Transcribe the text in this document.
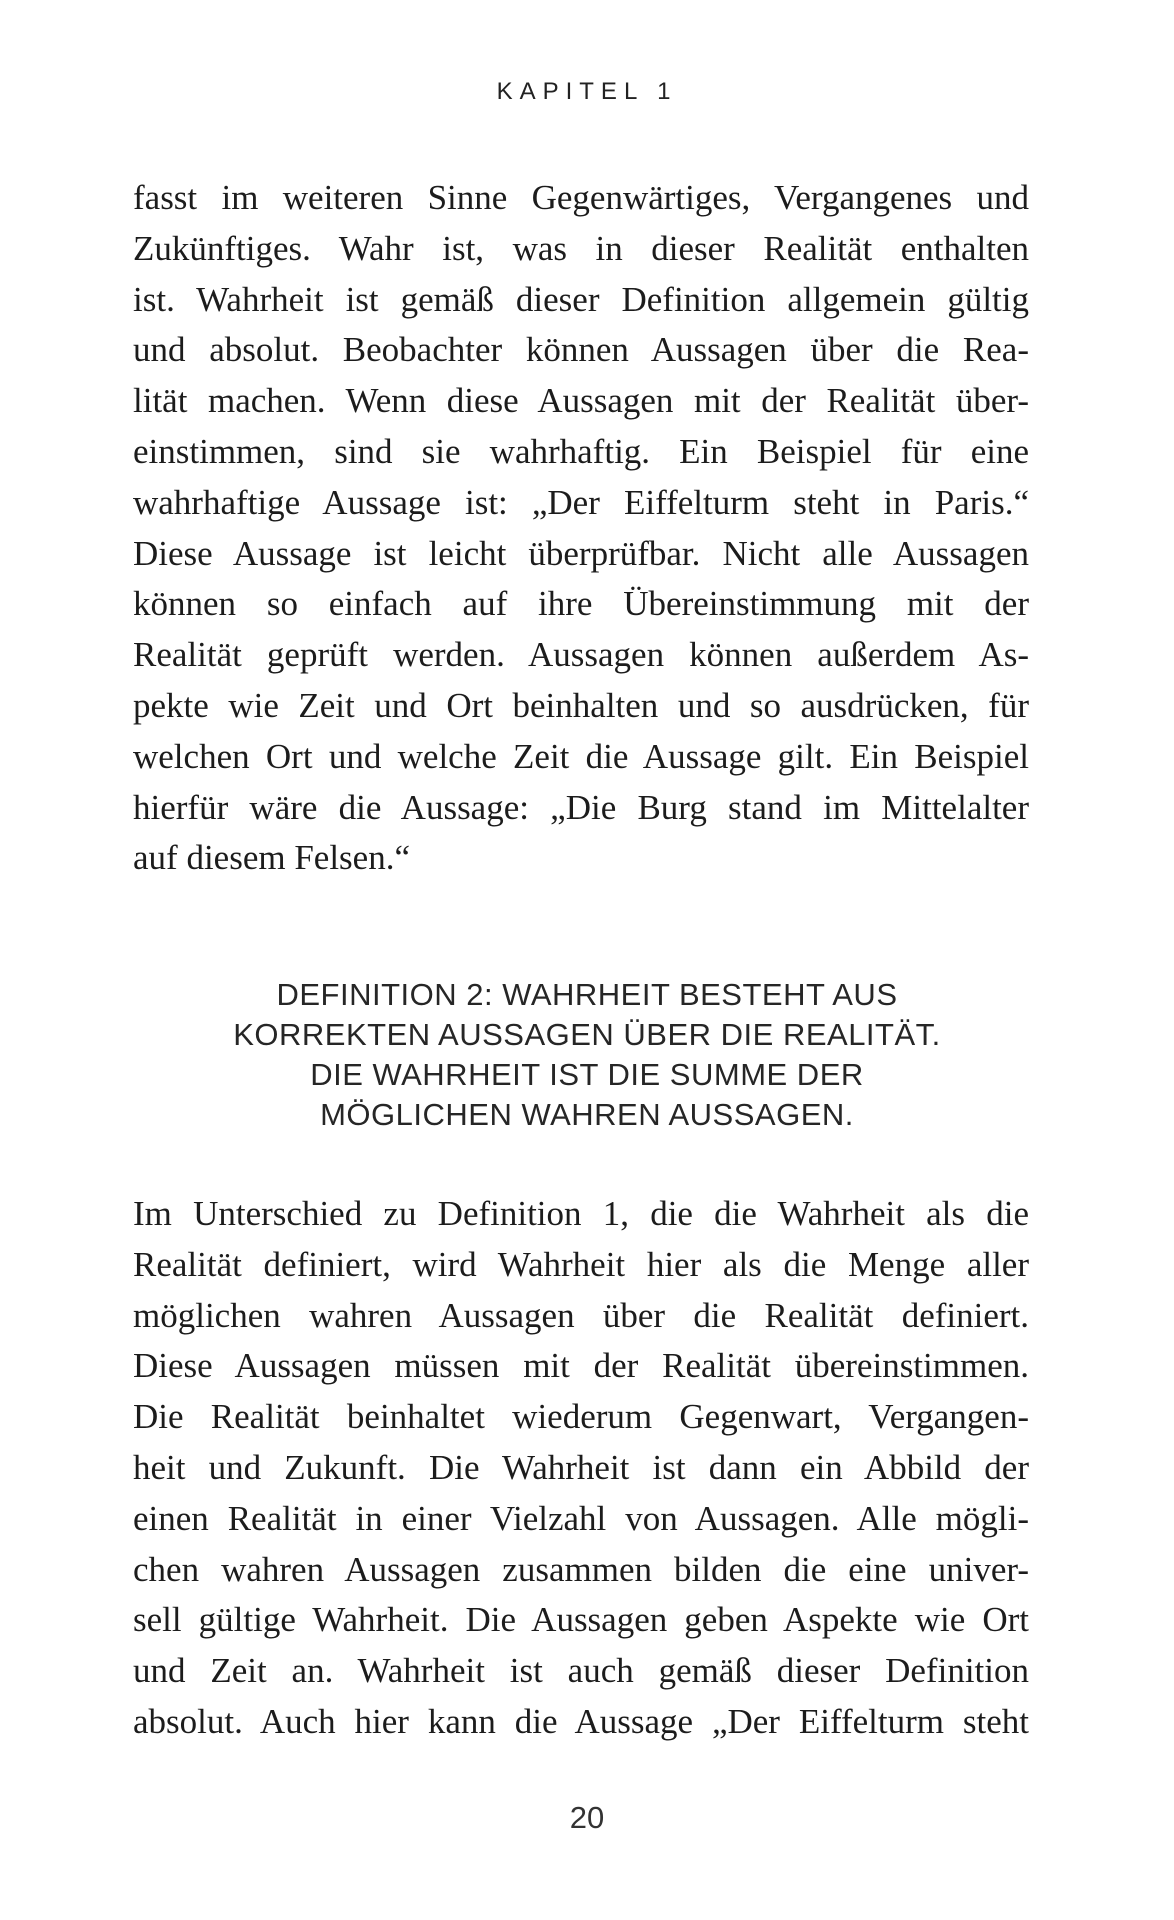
KAPITEL 1

fasst im weiteren Sinne Gegenwärtiges, Vergangenes und
Zukünftiges. Wahr ist, was in dieser Realität enthalten
ist. Wahrheit ist gemäß dieser Definition allgemein gültig
und absolut. Beobachter können Aussagen über die Rea-
lität machen. Wenn diese Aussagen mit der Realität über-
einstimmen, sind sie wahrhaftig. Ein Beispiel für eine
wahrhaftige Aussage ist: „Der Eiffelturm steht in Paris.“
Diese Aussage ist leicht überprüfbar. Nicht alle Aussagen
können so einfach auf ihre Übereinstimmung mit der
Realität geprüft werden. Aussagen können außerdem As-
pekte wie Zeit und Ort beinhalten und so ausdrücken, für
welchen Ort und welche Zeit die Aussage gilt. Ein Beispiel
hierfür wäre die Aussage: „Die Burg stand im Mittelalter
auf diesem Felsen.“

DEFINITION 2: WAHRHEIT BESTEHT AUS
KORREKTEN AUSSAGEN ÜBER DIE REALITÄT.
DIE WAHRHEIT IST DIE SUMME DER
MÖGLICHEN WAHREN AUSSAGEN.

Im Unterschied zu Definition 1, die die Wahrheit als die
Realität definiert, wird Wahrheit hier als die Menge aller
möglichen wahren Aussagen über die Realität definiert.
Diese Aussagen müssen mit der Realität übereinstimmen.
Die Realität beinhaltet wiederum Gegenwart, Vergangen-
heit und Zukunft. Die Wahrheit ist dann ein Abbild der
einen Realität in einer Vielzahl von Aussagen. Alle mögli-
chen wahren Aussagen zusammen bilden die eine univer-
sell gültige Wahrheit. Die Aussagen geben Aspekte wie Ort
und Zeit an. Wahrheit ist auch gemäß dieser Definition
absolut. Auch hier kann die Aussage „Der Eiffelturm steht

20
